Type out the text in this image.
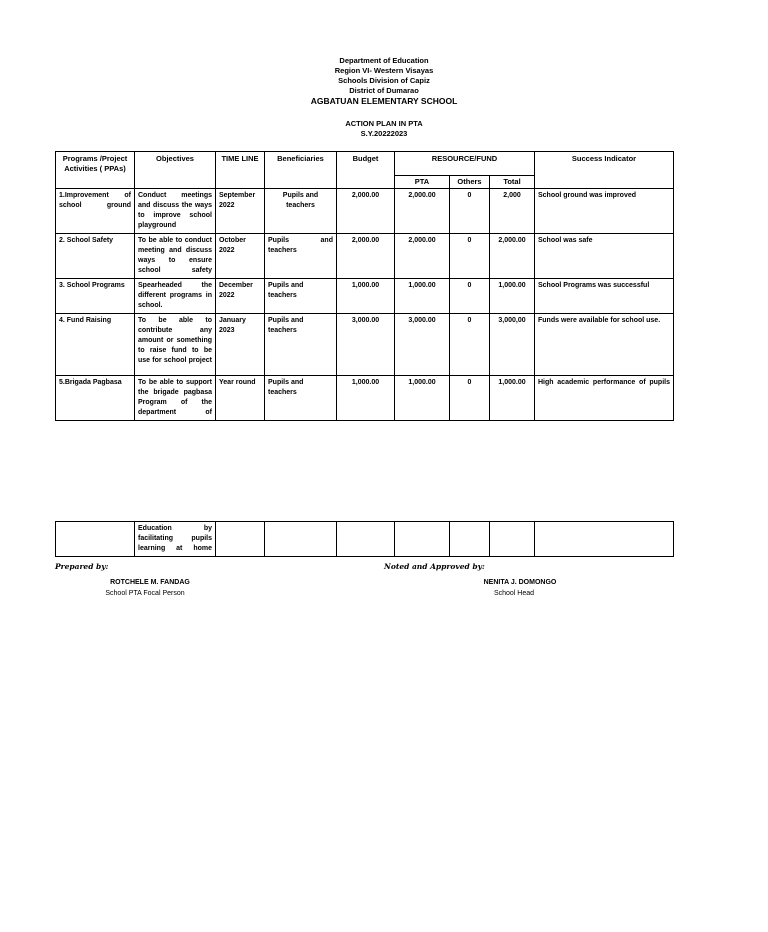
Department of Education
Region VI- Western Visayas
Schools Division of Capiz
District of Dumarao
AGBATUAN ELEMENTARY SCHOOL
ACTION PLAN IN PTA
S.Y.20222023
Programs /Project Activities ( PPAs)	Objectives	TIME LINE	Beneficiaries	Budget	RESOURCE/FUND			Success Indicator
					PTA	Others	Total	
1.Improvement of school ground	Conduct meetings and discuss the ways to improve school playground	September 2022	Pupils and teachers	2,000.00	2,000.00	0	2,000	School ground was improved
2. School Safety	To be able to conduct meeting and discuss ways to ensure school safety	October 2022	Pupils and teachers	2,000.00	2,000.00	0	2,000.00	School was safe
3. School Programs	Spearheaded the different programs in school.	December 2022	Pupils and teachers	1,000.00	1,000.00	0	1,000.00	School Programs was successful
4. Fund Raising	To be able to contribute any amount or something to raise fund to be use for school project	January 2023	Pupils and teachers	3,000.00	3,000.00	0	3,000,00	Funds were available for school use.
5.Brigada Pagbasa	To be able to support the brigade pagbasa Program of the department of	Year round	Pupils and teachers	1,000.00	1,000.00	0	1,000.00	High academic performance of pupils
	Education by facilitating pupils learning at home							
Prepared by:
ROTCHELE M. FANDAG
School PTA Focal Person
Noted and Approved by:
NENITA J. DOMONGO
School Head
